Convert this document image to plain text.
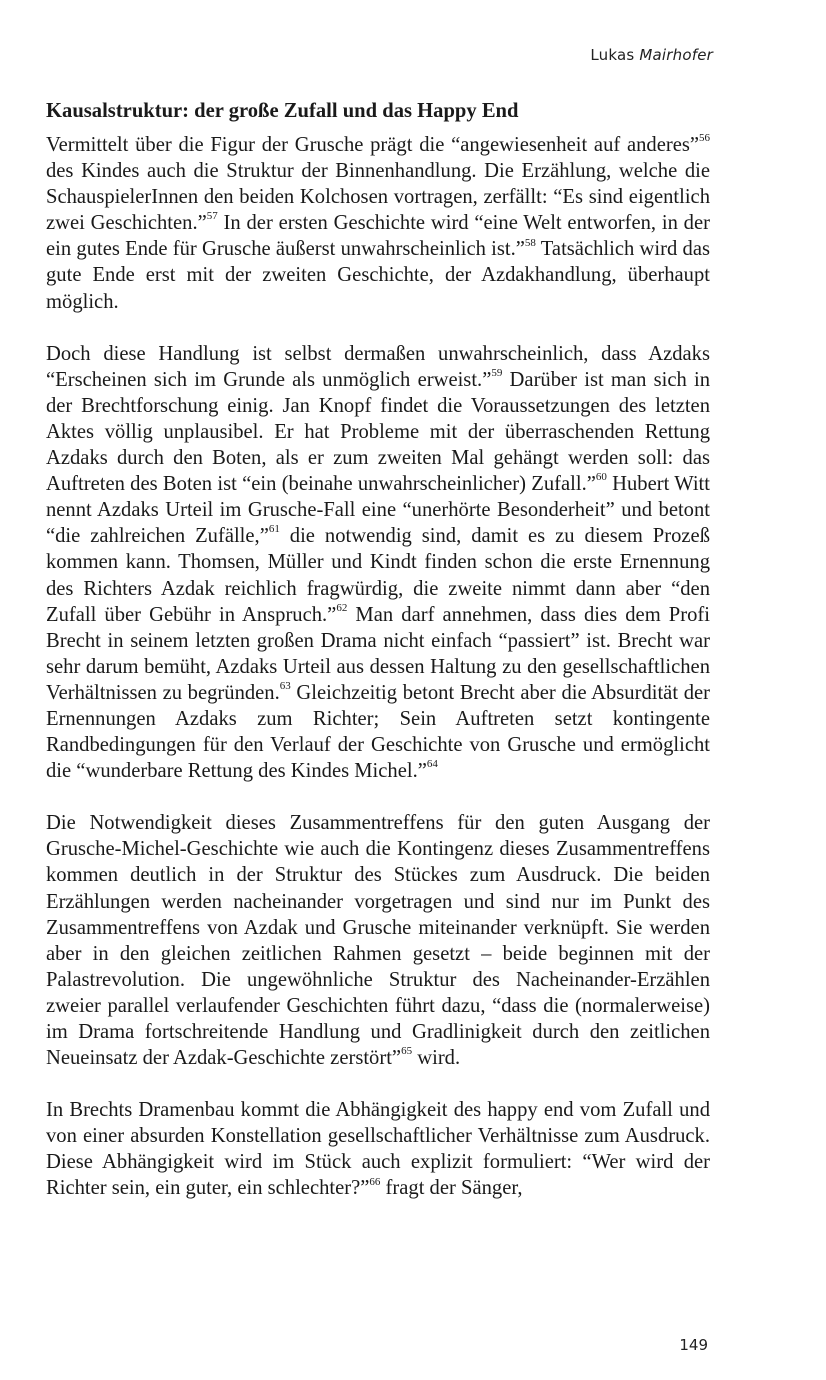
Lukas Mairhofer
Kausalstruktur: der große Zufall und das Happy End

Vermittelt über die Figur der Grusche prägt die “angewiesenheit auf anderes”$^{56}$ des Kindes auch die Struktur der Binnenhandlung. Die Erzählung, welche die SchauspielerInnen den beiden Kolchosen vortragen, zerfällt: “Es sind eigentlich zwei Geschichten.”$^{57}$ In der ersten Geschichte wird “eine Welt entworfen, in der ein gutes Ende für Grusche äußerst unwahrscheinlich ist.”$^{58}$ Tatsächlich wird das gute Ende erst mit der zweiten Geschichte, der Azdakhandlung, überhaupt möglich.

Doch diese Handlung ist selbst dermaßen unwahrscheinlich, dass Azdaks “Erscheinen sich im Grunde als unmöglich erweist.”$^{59}$ Darüber ist man sich in der Brechtforschung einig. Jan Knopf findet die Voraussetzungen des letzten Aktes völlig unplausibel. Er hat Probleme mit der überraschenden Rettung Azdaks durch den Boten, als er zum zweiten Mal gehängt werden soll: das Auftreten des Boten ist “ein (beinahe unwahrscheinlicher) Zufall.”$^{60}$ Hubert Witt nennt Azdaks Urteil im Grusche-Fall eine “unerhörte Besonderheit” und betont “die zahlreichen Zufälle,”$^{61}$ die notwendig sind, damit es zu diesem Prozeß kommen kann. Thomsen, Müller und Kindt finden schon die erste Ernennung des Richters Azdak reichlich fragwürdig, die zweite nimmt dann aber “den Zufall über Gebühr in Anspruch.”$^{62}$ Man darf annehmen, dass dies dem Profi Brecht in seinem letzten großen Drama nicht einfach “passiert” ist. Brecht war sehr darum bemüht, Azdaks Urteil aus dessen Haltung zu den gesellschaftlichen Verhältnissen zu begründen.$^{63}$ Gleichzeitig betont Brecht aber die Absurdität der Ernennungen Azdaks zum Richter; Sein Auftreten setzt kontingente Randbedingungen für den Verlauf der Geschichte von Grusche und ermöglicht die “wunderbare Rettung des Kindes Michel.”$^{64}$

Die Notwendigkeit dieses Zusammentreffens für den guten Ausgang der Grusche-Michel-Geschichte wie auch die Kontingenz dieses Zusammentreffens kommen deutlich in der Struktur des Stückes zum Ausdruck. Die beiden Erzählungen werden nacheinander vorgetragen und sind nur im Punkt des Zusammentreffens von Azdak und Grusche miteinander verknüpft. Sie werden aber in den gleichen zeitlichen Rahmen gesetzt – beide beginnen mit der Palastrevolution. Die ungewöhnliche Struktur des Nacheinander-Erzählen zweier parallel verlaufender Geschichten führt dazu, “dass die (normalerweise) im Drama fortschreitende Handlung und Gradlinigkeit durch den zeitlichen Neueinsatz der Azdak-Geschichte zerstört”$^{65}$ wird.

In Brechts Dramenbau kommt die Abhängigkeit des happy end vom Zufall und von einer absurden Konstellation gesellschaftlicher Verhältnisse zum Ausdruck. Diese Abhängigkeit wird im Stück auch explizit formuliert: “Wer wird der Richter sein, ein guter, ein schlechter?”$^{66}$ fragt der Sänger,

149
